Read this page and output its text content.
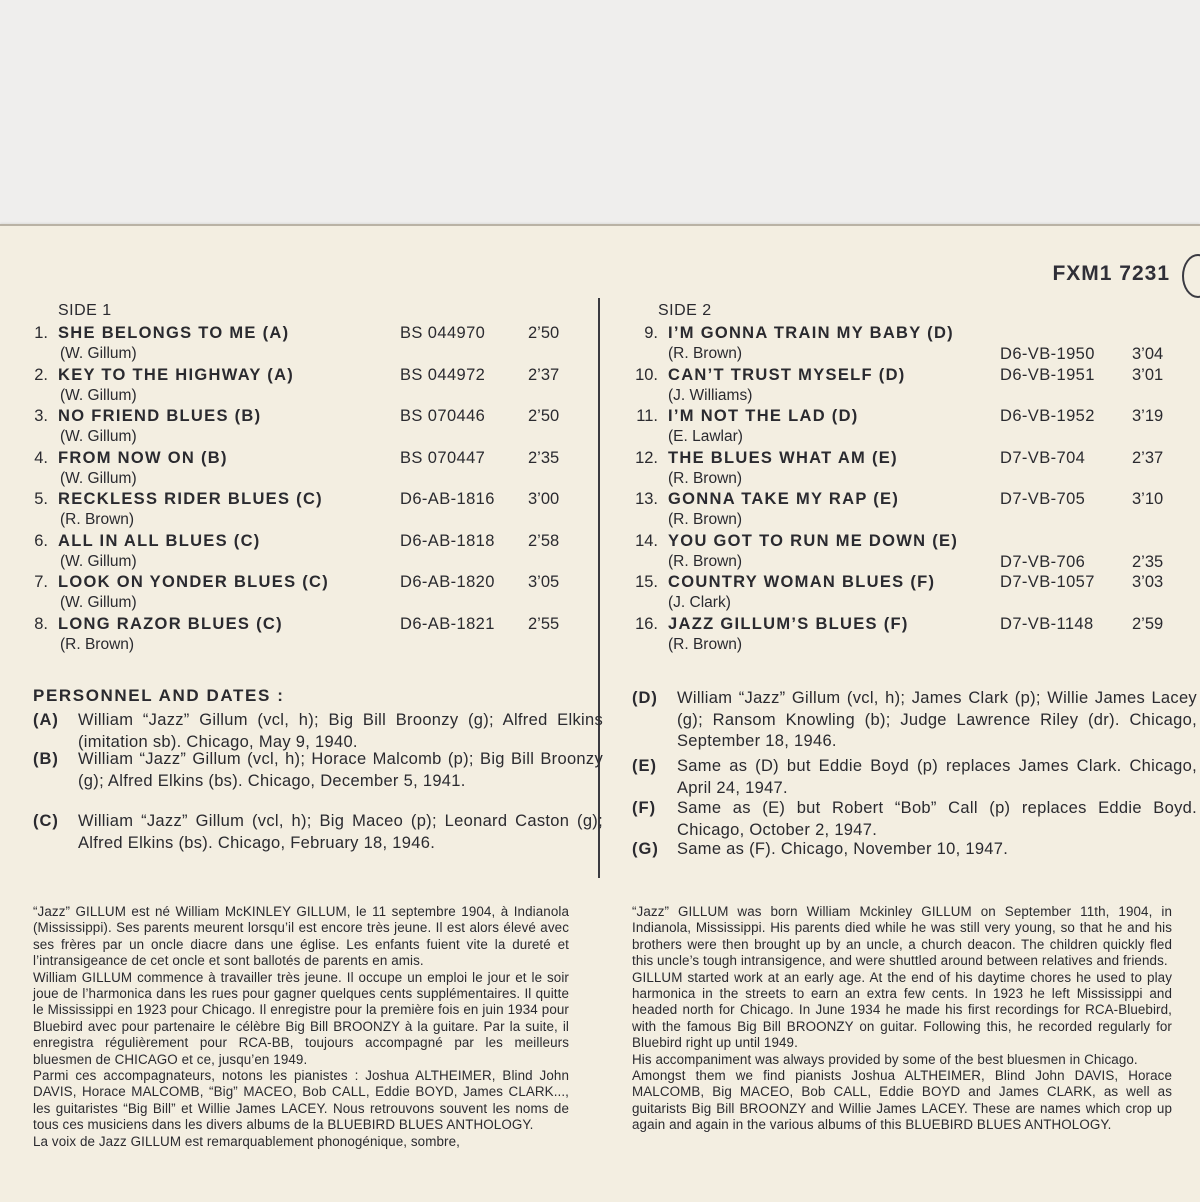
FXM1 7231
SIDE 1
1. SHE BELONGS TO ME (A)
(W. Gillum)
BS 044970	2’50
2. KEY TO THE HIGHWAY (A)
(W. Gillum)
BS 044972	2’37
3. NO FRIEND BLUES (B)
(W. Gillum)
BS 070446	2’50
4. FROM NOW ON (B)
(W. Gillum)
BS 070447	2’35
5. RECKLESS RIDER BLUES (C)
(R. Brown)
D6-AB-1816 3’00
6. ALL IN ALL BLUES (C)
(W. Gillum)
D6-AB-1818 2’58
7. LOOK ON YONDER BLUES (C)
(W. Gillum)
D6-AB-1820 3’05
8. LONG RAZOR BLUES (C)
(R. Brown)
D6-AB-1821 2’55
SIDE 2
9. I’M GONNA TRAIN MY BABY (D)
(R. Brown)	D6-VB-1950 3’04
10. CAN’T TRUST MYSELF (D)
(J. Williams)
D6-VB-1951 3’01
11. I’M NOT THE LAD (D)
(E. Lawlar)
D6-VB-1952 3’19
12. THE BLUES WHAT AM (E)
(R. Brown)
D7-VB-704	2’37
13. GONNA TAKE MY RAP (E)
(R. Brown)
D7-VB-705	3’10
14. YOU GOT TO RUN ME DOWN (E)
(R. Brown)	D7-VB-706	2’35
15. COUNTRY WOMAN BLUES (F)
(J. Clark)
D7-VB-1057 3’03
16. JAZZ GILLUM’S BLUES (F)
(R. Brown)
D7-VB-1148 2’59
PERSONNEL AND DATES :
(A) William “Jazz” Gillum (vcl, h); Big Bill Broonzy (g); Alfred Elkins (imitation sb). Chicago, May 9, 1940.
(B) William “Jazz” Gillum (vcl, h); Horace Malcomb (p); Big Bill Broonzy (g); Alfred Elkins (bs). Chicago, December 5, 1941.
(C) William “Jazz” Gillum (vcl, h); Big Maceo (p); Leonard Caston (g); Alfred Elkins (bs). Chicago, February 18, 1946.
(D) William “Jazz” Gillum (vcl, h); James Clark (p); Willie James Lacey (g); Ransom Knowling (b); Judge Lawrence Riley (dr). Chicago, September 18, 1946.
(E) Same as (D) but Eddie Boyd (p) replaces James Clark. Chicago, April 24, 1947.
(F) Same as (E) but Robert “Bob” Call (p) replaces Eddie Boyd. Chicago, October 2, 1947.
(G) Same as (F). Chicago, November 10, 1947.

“Jazz” GILLUM est né William McKINLEY GILLUM, le 11 septembre 1904, à Indianola (Mississippi). Ses parents meurent lorsqu’il est encore très jeune. Il est alors élevé avec ses frères par un oncle diacre dans une église. Les enfants fuient vite la dureté et l’intransigeance de cet oncle et sont ballotés de parents en amis.

William GILLUM commence à travailler très jeune. Il occupe un emploi le jour et le soir joue de l’harmonica dans les rues pour gagner quelques cents supplémentaires. Il quitte le Mississippi en 1923 pour Chicago. Il enregistre pour la première fois en juin 1934 pour Bluebird avec pour partenaire le célèbre Big Bill BROONZY à la guitare. Par la suite, il enregistra régulièrement pour RCA-BB, toujours accompagné par les meilleurs bluesmen de CHICAGO et ce, jusqu’en 1949.

Parmi ces accompagnateurs, notons les pianistes : Joshua ALTHEIMER, Blind John DAVIS, Horace MALCOMB, “Big” MACEO, Bob CALL, Eddie BOYD, James CLARK..., les guitaristes “Big Bill” et Willie James LACEY. Nous retrouvons souvent les noms de tous ces musiciens dans les divers albums de la BLUEBIRD BLUES ANTHOLOGY.

La voix de Jazz GILLUM est remarquablement phonogénique, sombre,

“Jazz” GILLUM was born William Mckinley GILLUM on September 11th, 1904, in Indianola, Mississippi. His parents died while he was still very young, so that he and his brothers were then brought up by an uncle, a church deacon. The children quickly fled this uncle’s tough intransigence, and were shuttled around between relatives and friends.

GILLUM started work at an early age. At the end of his daytime chores he used to play harmonica in the streets to earn an extra few cents. In 1923 he left Mississippi and headed north for Chicago. In June 1934 he made his first recordings for RCA-Bluebird, with the famous Big Bill BROONZY on guitar. Following this, he recorded regularly for Bluebird right up until 1949.

His accompaniment was always provided by some of the best bluesmen in Chicago.

Amongst them we find pianists Joshua ALTHEIMER, Blind John DAVIS, Horace MALCOMB, Big MACEO, Bob CALL, Eddie BOYD and James CLARK, as well as guitarists Big Bill BROONZY and Willie James LACEY. These are names which crop up again and again in the various albums of this BLUEBIRD BLUES ANTHOLOGY.
